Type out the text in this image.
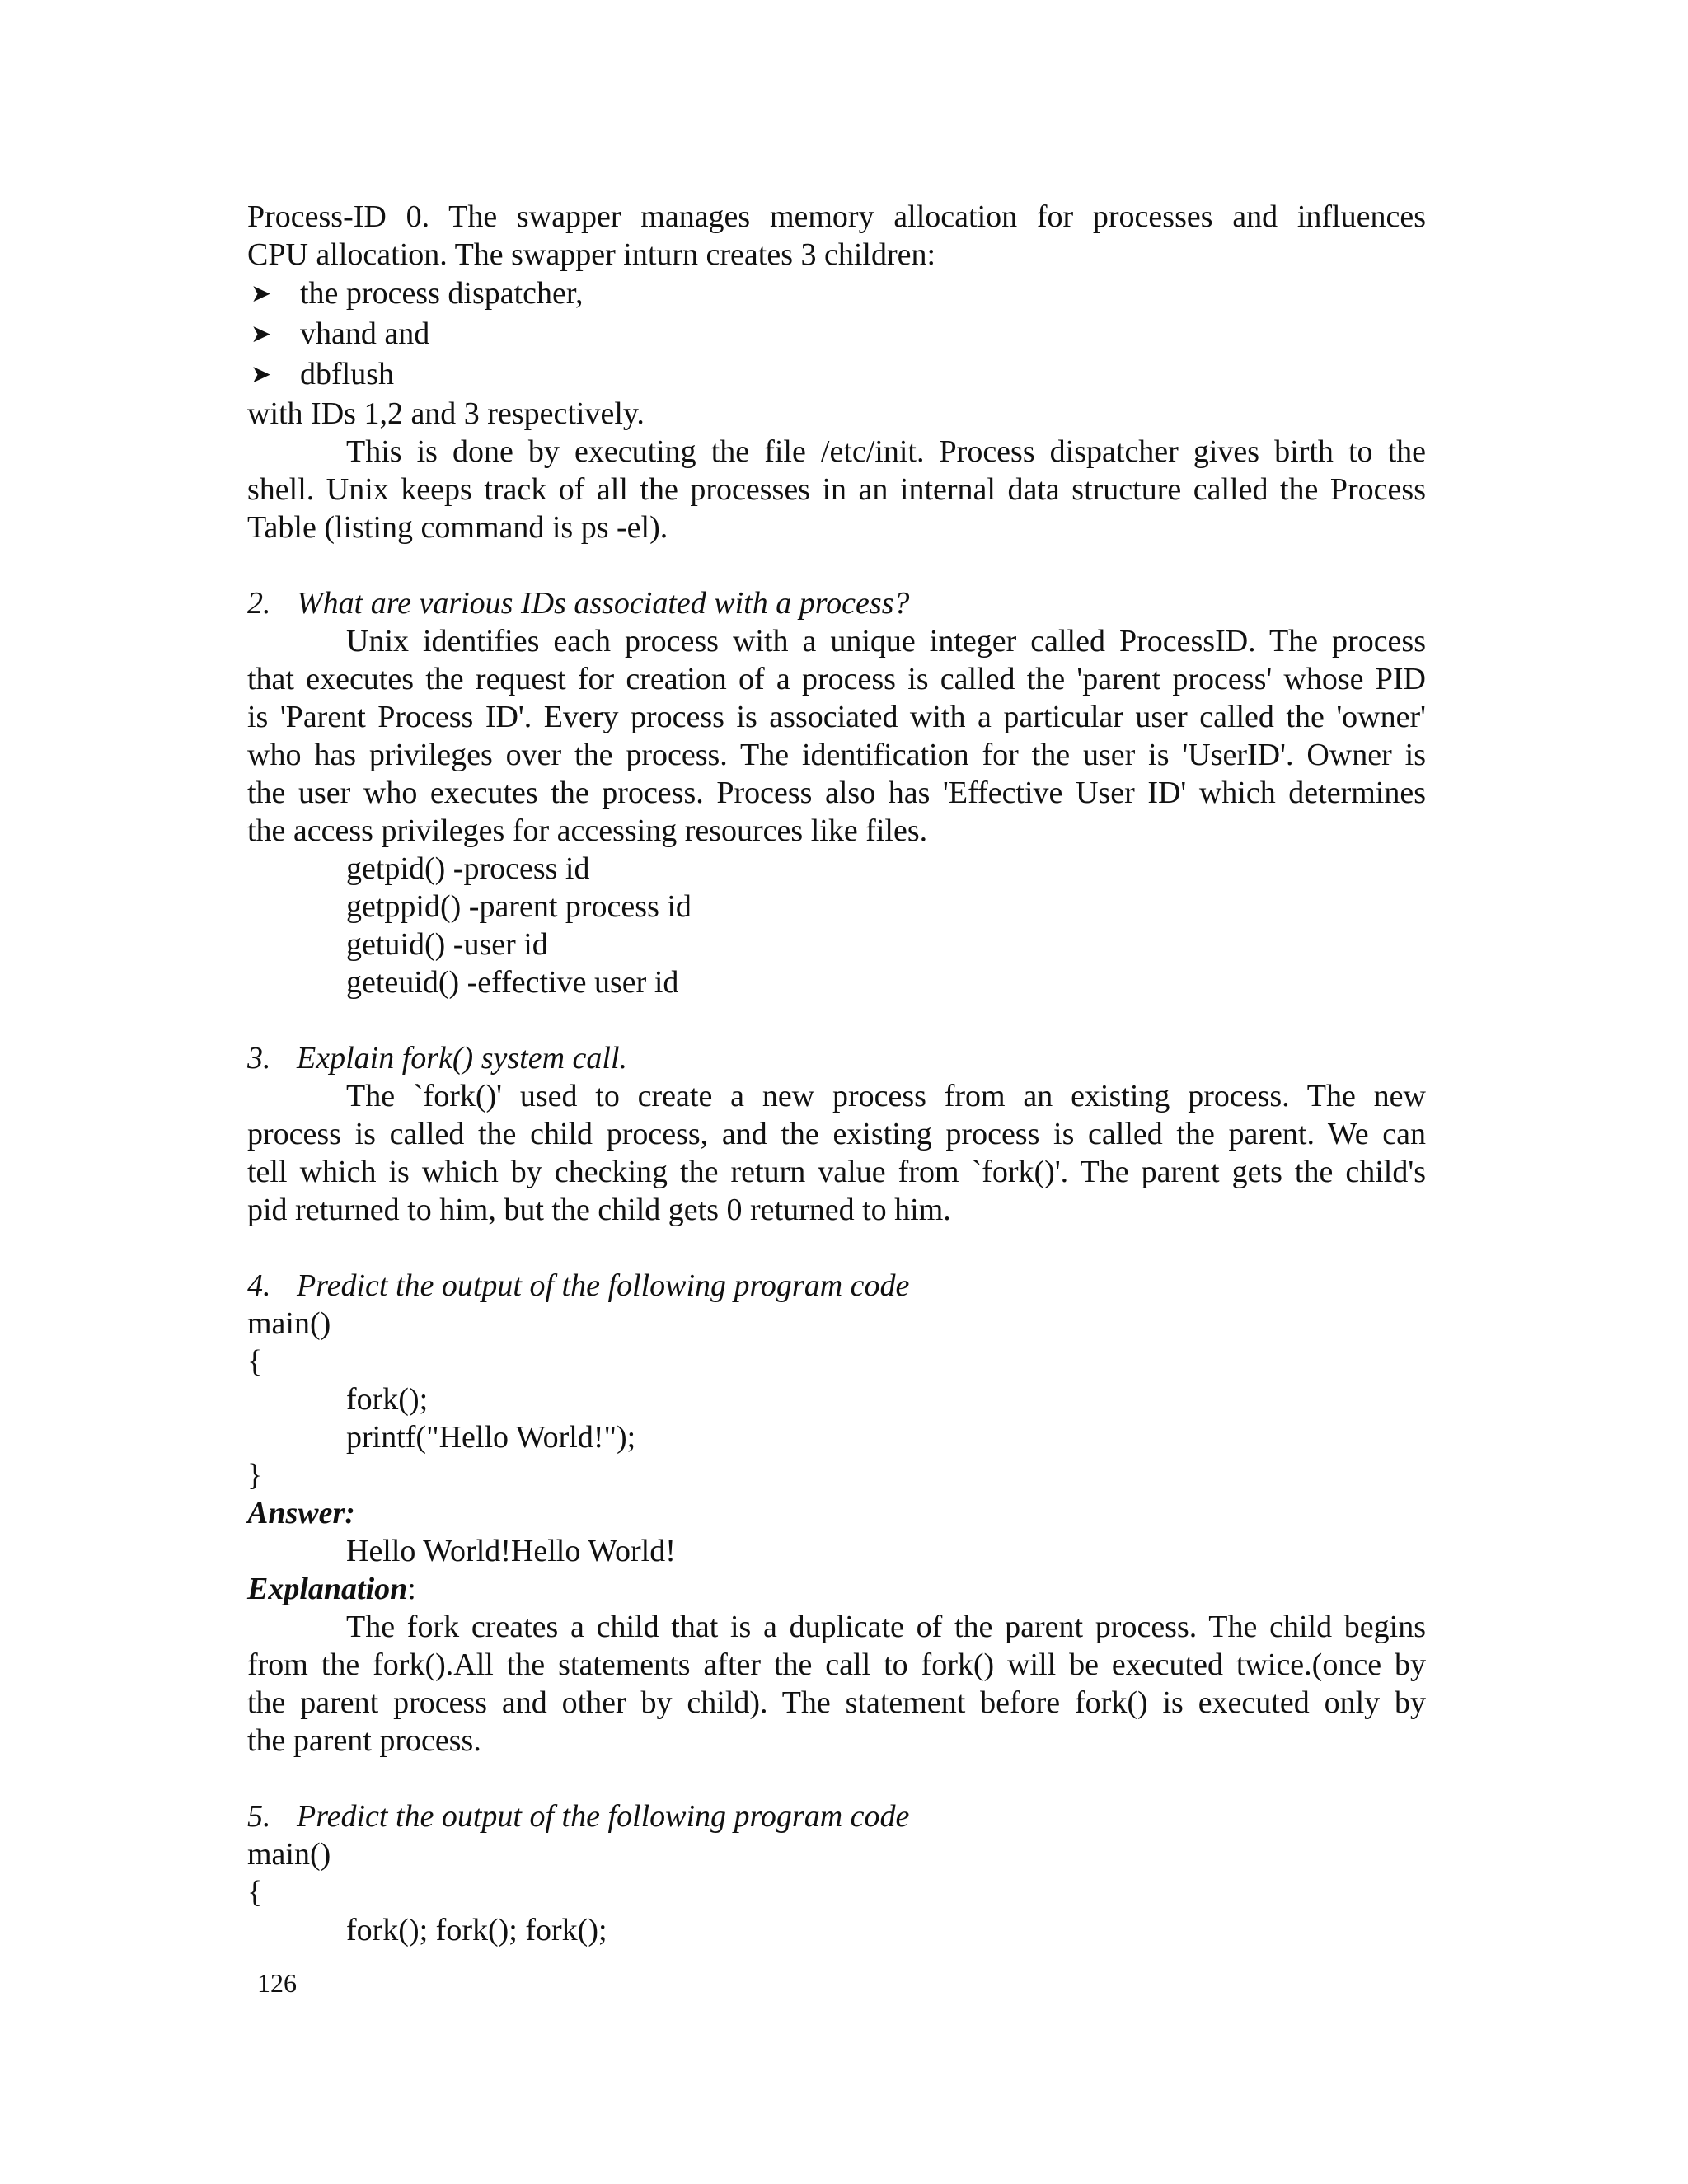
Process-ID 0. The swapper manages memory allocation for processes and influences
CPU allocation. The swapper inturn creates 3 children:
➤ the process dispatcher,
➤ vhand and
➤ dbflush
with IDs 1,2 and 3 respectively.
This is done by executing the file /etc/init. Process dispatcher gives birth to the
shell. Unix keeps track of all the processes in an internal data structure called the Process
Table (listing command is ps -el).
2. What are various IDs associated with a process?
Unix identifies each process with a unique integer called ProcessID. The process
that executes the request for creation of a process is called the 'parent process' whose PID
is 'Parent Process ID'. Every process is associated with a particular user called the 'owner'
who has privileges over the process. The identification for the user is 'UserID'. Owner is
the user who executes the process. Process also has 'Effective User ID' which determines
the access privileges for accessing resources like files.
getpid() -process id
getppid() -parent process id
getuid() -user id
geteuid() -effective user id
3. Explain fork() system call.
The `fork()' used to create a new process from an existing process. The new
process is called the child process, and the existing process is called the parent. We can
tell which is which by checking the return value from `fork()'. The parent gets the child's
pid returned to him, but the child gets 0 returned to him.
4. Predict the output of the following program code
main()
{
fork();
printf("Hello World!");
}
Answer:
Hello World!Hello World!
Explanation:
The fork creates a child that is a duplicate of the parent process. The child begins
from the fork().All the statements after the call to fork() will be executed twice.(once by
the parent process and other by child). The statement before fork() is executed only by
the parent process.
5. Predict the output of the following program code
main()
{
fork(); fork(); fork();
126
